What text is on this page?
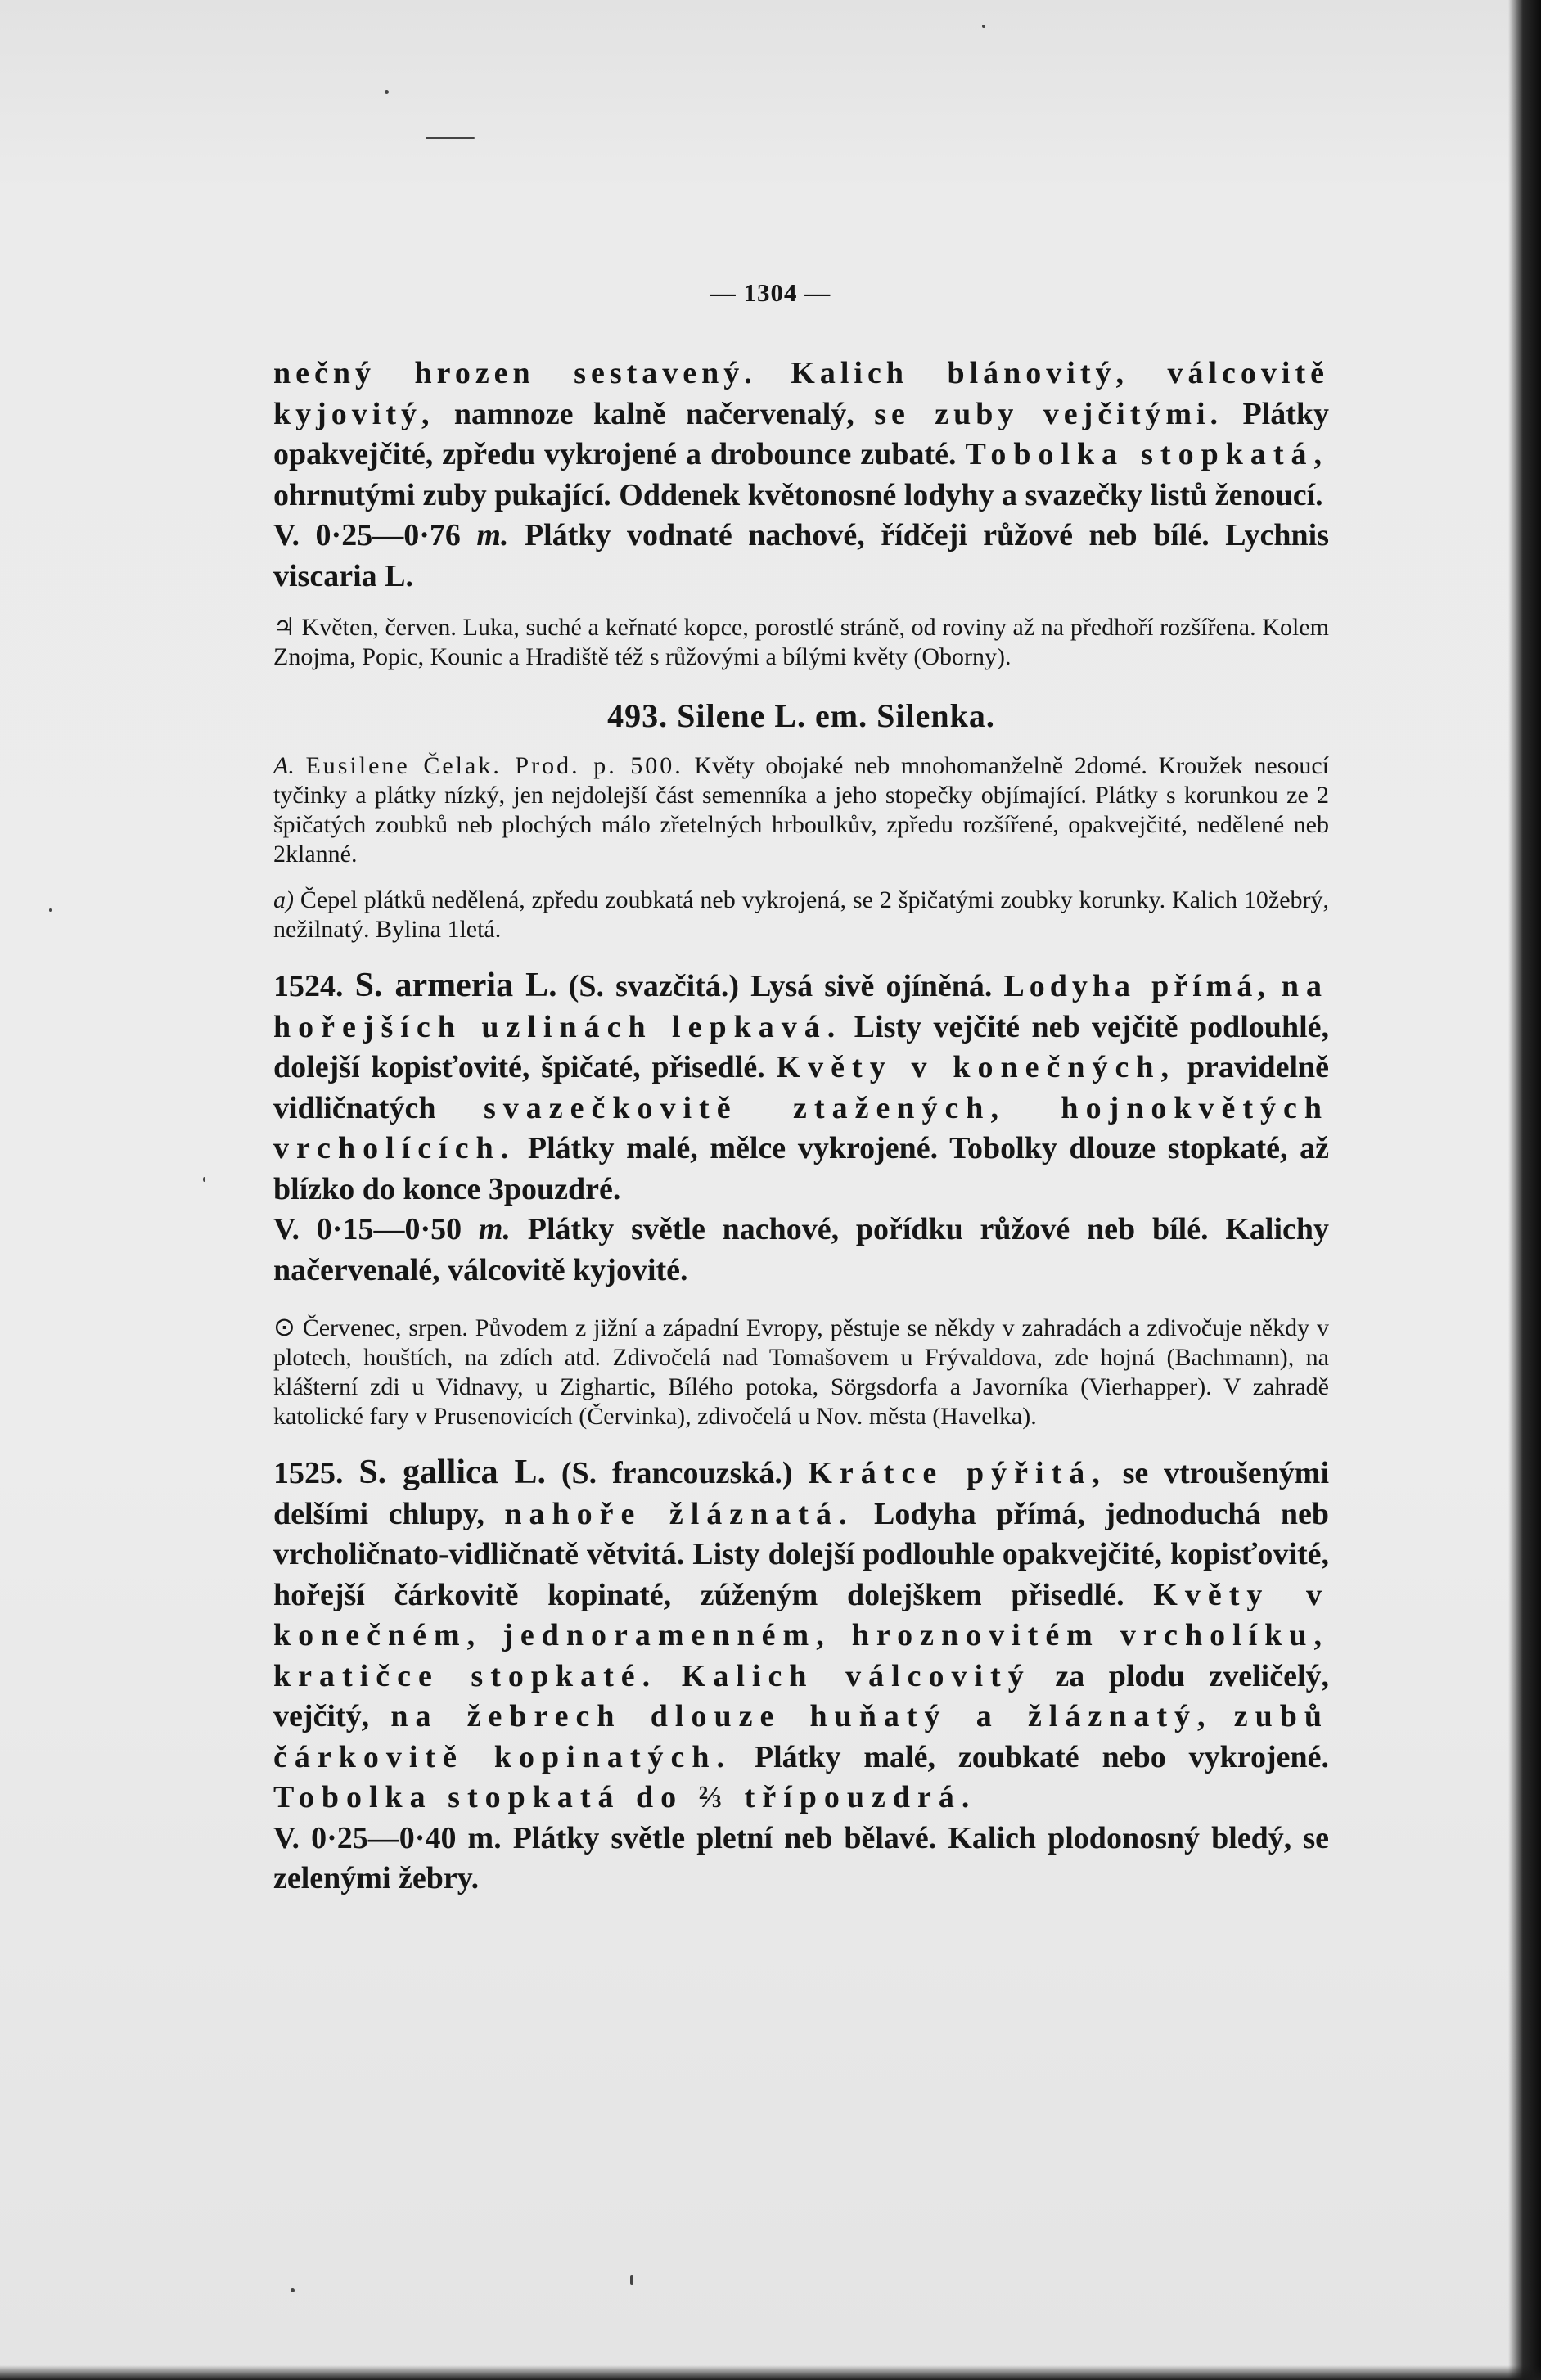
— 1304 —

nečný hrozen sestavený. Kalich blánovitý, válcovitě kyjovitý, namnoze kalně načervenalý, se zuby vejčitými. Plátky opakvejčité, zpředu vykrojené a drobounce zubaté. Tobolka stopkatá, ohrnutými zuby pukající. Oddenek květonosné lodyhy a svazečky listů ženoucí.

V. 0·25—0·76 m. Plátky vodnaté nachové, řídčeji růžové neb bílé. Lychnis viscaria L.

♃ Květen, červen. Luka, suché a keřnaté kopce, porostlé stráně, od roviny až na předhoří rozšířena. Kolem Znojma, Popic, Kounic a Hradiště též s růžovými a bílými květy (Oborny).

493. Silene L. em. Silenka.

A. Eusilene Čelak. Prod. p. 500. Květy obojaké neb mnohomanželně 2domé. Kroužek nesoucí tyčinky a plátky nízký, jen nejdolejší část semenníka a jeho stopečky objímající. Plátky s korunkou ze 2 špičatých zoubků neb plochých málo zřetelných hrboulkův, zpředu rozšířené, opakvejčité, nedělené neb 2klanné.

a) Čepel plátků nedělená, zpředu zoubkatá neb vykrojená, se 2 špičatými zoubky korunky. Kalich 10žebrý, nežilnatý. Bylina 1letá.

1524. S. armeria L. (S. svazčitá.) Lysá sivě ojíněná. Lodyha přímá, na hořejších uzlinách lepkavá. Listy vejčité neb vejčitě podlouhlé, dolejší kopisťovité, špičaté, přisedlé. Květy v konečných, pravidelně vidličnatých svazečkovitě ztažených, hojnokvětých vrcholících. Plátky malé, mělce vykrojené. Tobolky dlouze stopkaté, až blízko do konce 3pouzdré.

V. 0·15—0·50 m. Plátky světle nachové, pořídku růžové neb bílé. Kalichy načervenalé, válcovitě kyjovité.

⊙ Červenec, srpen. Původem z jižní a západní Evropy, pěstuje se někdy v zahradách a zdivočuje někdy v plotech, houštích, na zdích atd. Zdivočelá nad Tomašovem u Frývaldova, zde hojná (Bachmann), na klášterní zdi u Vidnavy, u Zighartic, Bílého potoka, Sörgsdorfa a Javorníka (Vierhapper). V zahradě katolické fary v Prusenovicích (Červinka), zdivočelá u Nov. města (Havelka).

1525. S. gallica L. (S. francouzská.) Krátce pýřitá, se vtroušenými delšími chlupy, nahoře žláznatá. Lodyha přímá, jednoduchá neb vrcholičnato-vidličnatě větvitá. Listy dolejší podlouhle opakvejčité, kopisťovité, hořejší čárkovitě kopinaté, zúženým dolejškem přisedlé. Květy v konečném, jednoramenném, hroznovitém vrcholíku, kratičce stopkaté. Kalich válcovitý za plodu zveličelý, vejčitý, na žebrech dlouze huňatý a žláznatý, zubů čárkovitě kopinatých. Plátky malé, zoubkaté nebo vykrojené. Tobolka stopkatá do ⅔ třípouzdrá.

V. 0·25—0·40 m. Plátky světle pletní neb bělavé. Kalich plodonosný bledý, se zelenými žebry.
